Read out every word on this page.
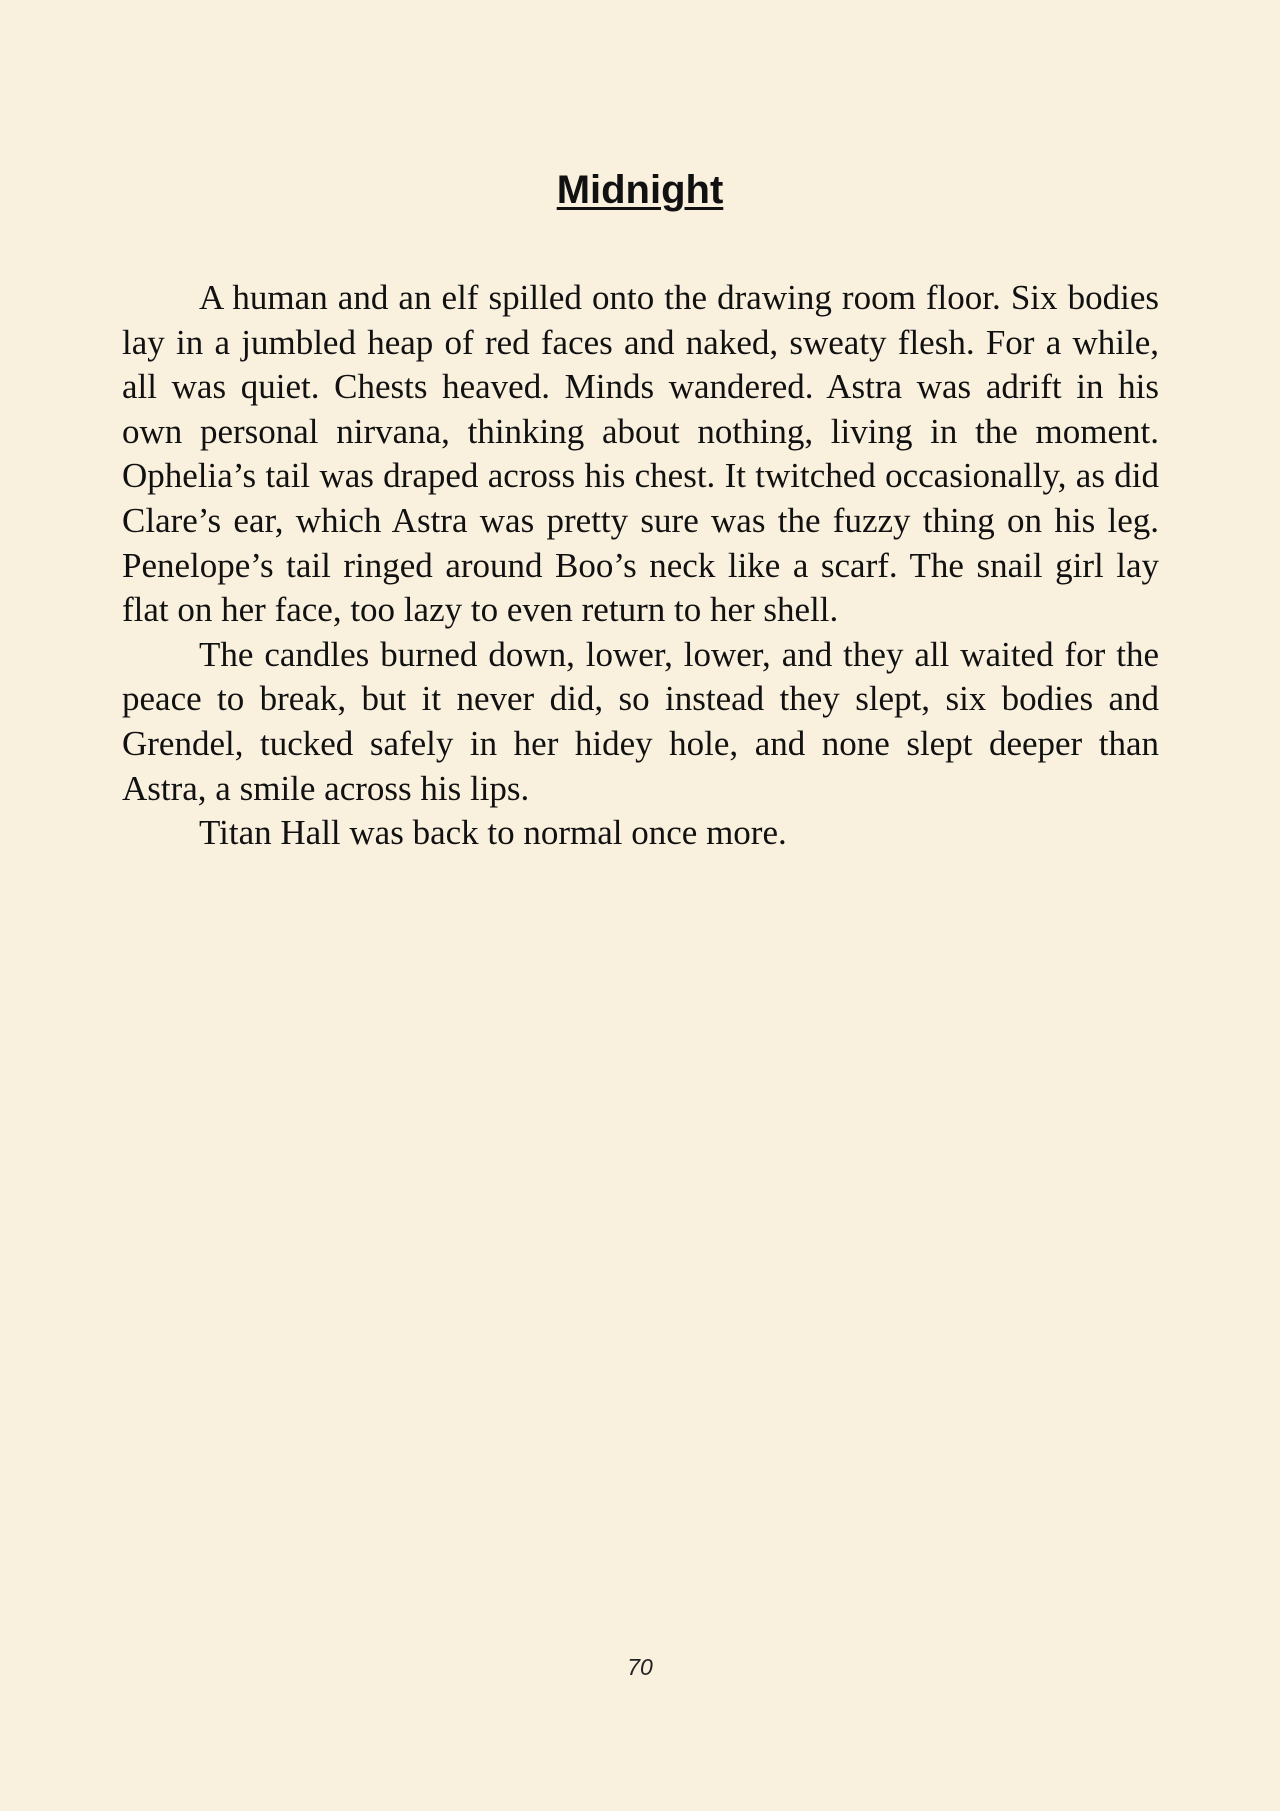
Midnight

A human and an elf spilled onto the drawing room floor. Six bodies lay in a jumbled heap of red faces and naked, sweaty flesh. For a while, all was quiet. Chests heaved. Minds wandered. Astra was adrift in his own personal nirvana, thinking about nothing, living in the moment. Ophelia’s tail was draped across his chest. It twitched occasionally, as did Clare’s ear, which Astra was pretty sure was the fuzzy thing on his leg. Penelope’s tail ringed around Boo’s neck like a scarf. The snail girl lay flat on her face, too lazy to even return to her shell.

The candles burned down, lower, lower, and they all waited for the peace to break, but it never did, so instead they slept, six bodies and Grendel, tucked safely in her hidey hole, and none slept deeper than Astra, a smile across his lips.

Titan Hall was back to normal once more.

70
